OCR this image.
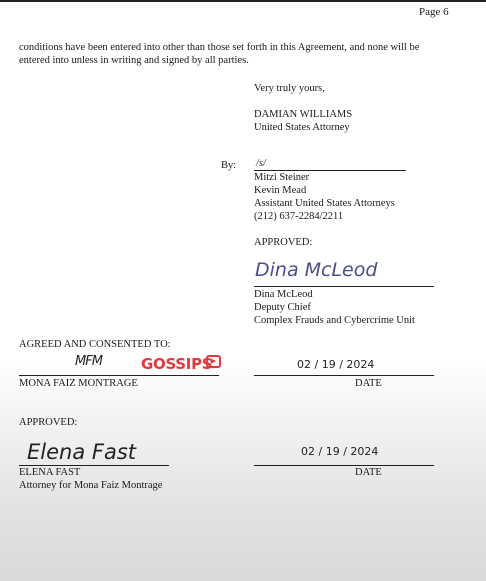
Page 6
conditions have been entered into other than those set forth in this Agreement, and none will be
entered into unless in writing and signed by all parties.
Very truly yours,
DAMIAN WILLIAMS
United States Attorney
By: /s/
Mitzi Steiner
Kevin Mead
Assistant United States Attorneys
(212) 637-2284/2211
APPROVED:
Dina McLeod
Dina McLeod
Deputy Chief
Complex Frauds and Cybercrime Unit
AGREED AND CONSENTED TO:
MFM	GOSSIPS
▶
MONA FAIZ MONTRAGE
02 / 19 / 2024
DATE
APPROVED:
Elena Fast
ELENA FAST
Attorney for Mona Faiz Montrage
02 / 19 / 2024
DATE
